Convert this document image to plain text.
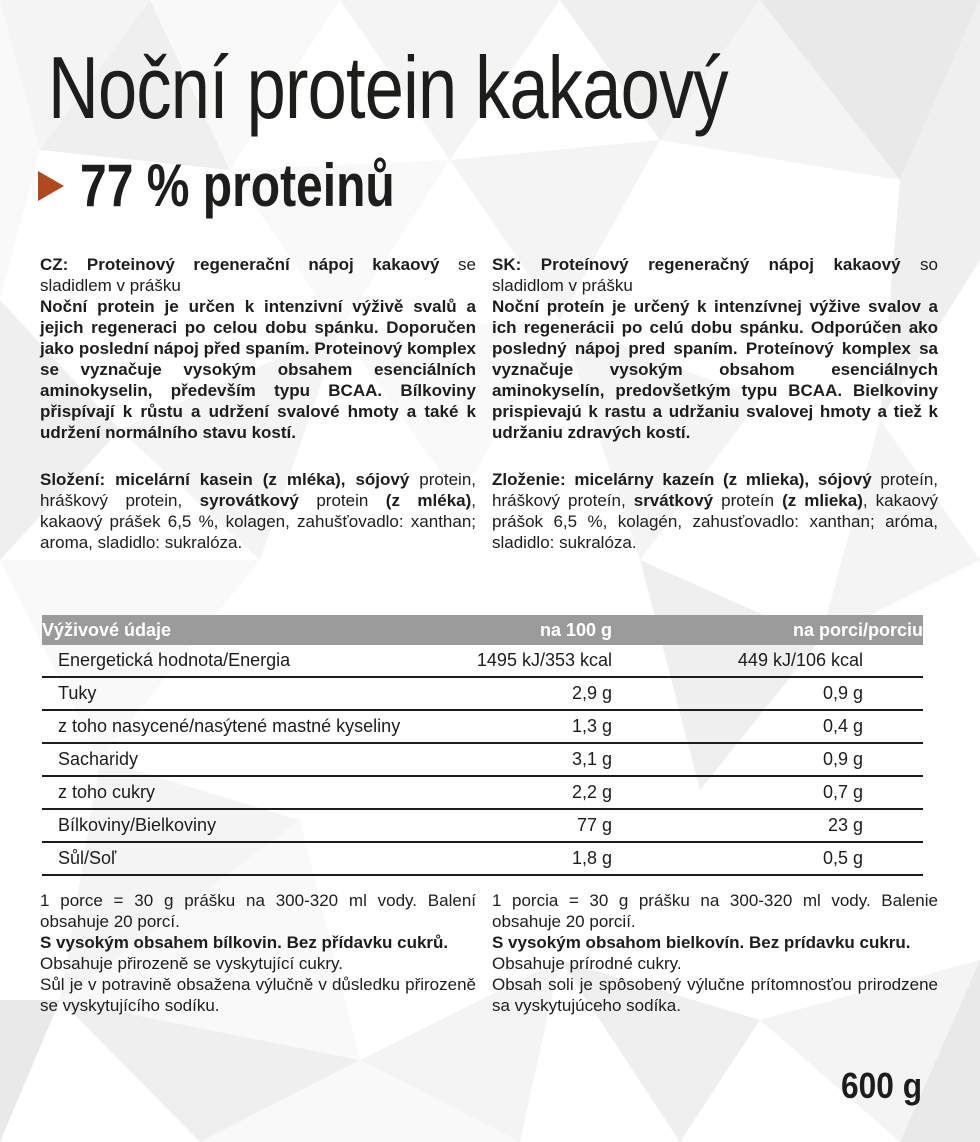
Noční protein kakaový
77 % proteinů

CZ: Proteinový regenerační nápoj kakaový se sladidlem v prášku

Noční protein je určen k intenzivní výživě svalů a jejich regeneraci po celou dobu spánku. Doporučen jako poslední nápoj před spaním. Proteinový komplex se vyznačuje vysokým obsahem esenciálních aminokyselin, především typu BCAA. Bílkoviny přispívají k růstu a udržení svalové hmoty a také k udržení normálního stavu kostí.

SK: Proteínový regeneračný nápoj kakaový so sladidlom v prášku

Noční proteín je určený k intenzívnej výžive svalov a ich regenerácii po celú dobu spánku. Odporúčen ako posledný nápoj pred spaním. Proteínový komplex sa vyznačuje vysokým obsahom esenciálnych aminokyselín, predovšetkým typu BCAA. Bielkoviny prispievajú k rastu a udržaniu svalovej hmoty a tiež k udržaniu zdravých kostí.

Složení: micelární kasein (z mléka), sójový protein, hráškový protein, syrovátkový protein (z mléka), kakaový prášek 6,5 %, kolagen, zahušťovadlo: xanthan; aroma, sladidlo: sukralóza.

Zloženie: micelárny kazeín (z mlieka), sójový proteín, hráškový proteín, srvátkový proteín (z mlieka), kakaový prášok 6,5 %, kolagén, zahusťovadlo: xanthan; aróma, sladidlo: sukralóza.

Výživové údaje	na 100 g	na porci/porciu
Energetická hodnota/Energia	1495 kJ/353 kcal	449 kJ/106 kcal
Tuky	2,9 g	0,9 g
z toho nasycené/nasýtené mastné kyseliny	1,3 g	0,4 g
Sacharidy	3,1 g	0,9 g
z toho cukry	2,2 g	0,7 g
Bílkoviny/Bielkoviny	77 g	23 g
Sůl/Soľ	1,8 g	0,5 g

1 porce = 30 g prášku na 300-320 ml vody. Balení obsahuje 20 porcí.

S vysokým obsahem bílkovin. Bez přídavku cukrů.

Obsahuje přirozeně se vyskytující cukry.

Sůl je v potravině obsažena výlučně v důsledku přirozeně se vyskytujícího sodíku.

1 porcia = 30 g prášku na 300-320 ml vody. Balenie obsahuje 20 porcií.

S vysokým obsahom bielkovín. Bez prídavku cukru.

Obsahuje prírodné cukry.

Obsah soli je spôsobený výlučne prítomnosťou prirodzene sa vyskytujúceho sodíka.

600 g
